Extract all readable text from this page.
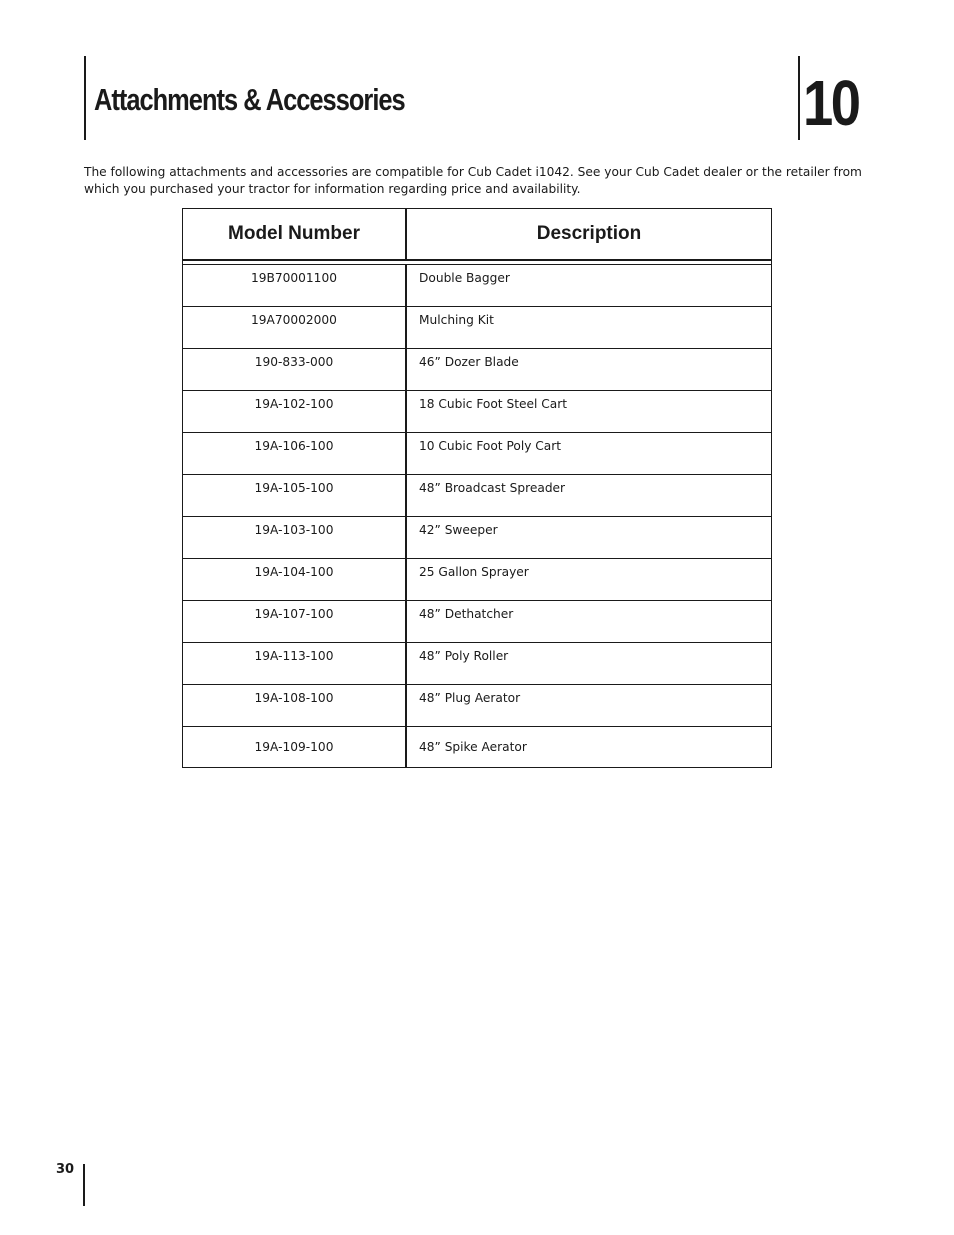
Attachments & Accessories	10

The following attachments and accessories are compatible for Cub Cadet i1042. See your Cub Cadet dealer or the retailer from which you purchased your tractor for information regarding price and availability.

Model Number	Description
19B70001100	Double Bagger
19A70002000	Mulching Kit
190-833-000	46” Dozer Blade
19A-102-100	18 Cubic Foot Steel Cart
19A-106-100	10 Cubic Foot Poly Cart
19A-105-100	48” Broadcast Spreader
19A-103-100	42” Sweeper
19A-104-100	25 Gallon Sprayer
19A-107-100	48” Dethatcher
19A-113-100	48” Poly Roller
19A-108-100	48” Plug Aerator
19A-109-100	48” Spike Aerator
30
